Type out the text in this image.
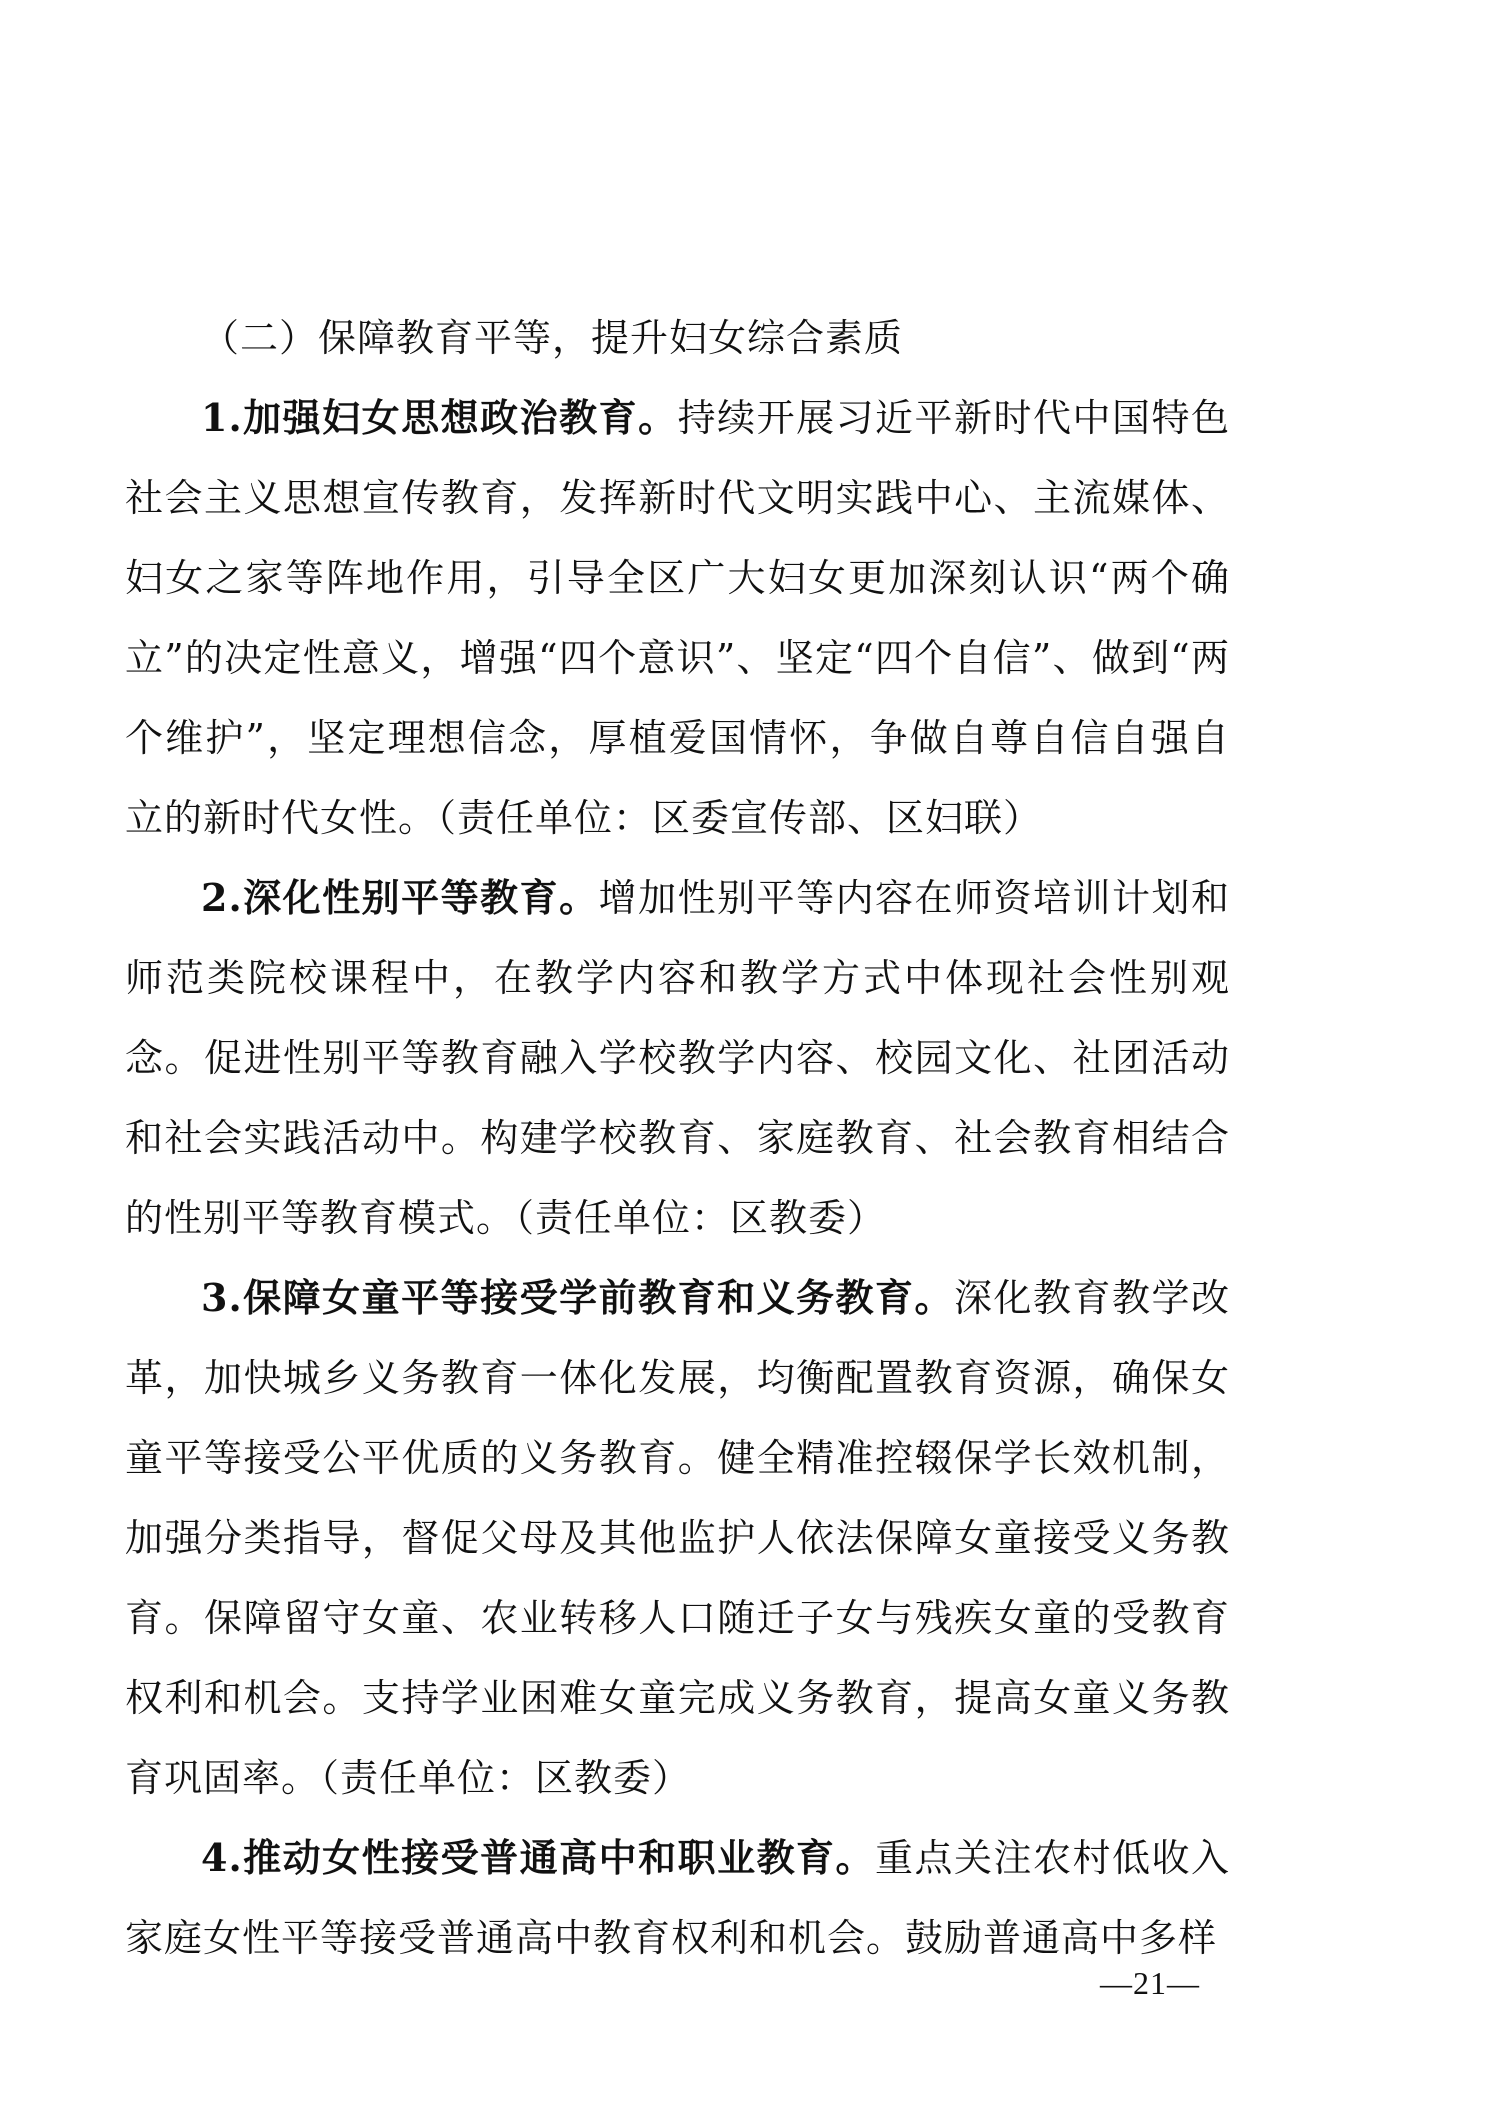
（二）保障教育平等，提升妇女综合素质

1.加强妇女思想政治教育。持续开展习近平新时代中国特色社会主义思想宣传教育，发挥新时代文明实践中心、主流媒体、妇女之家等阵地作用，引导全区广大妇女更加深刻认识“两个确立”的决定性意义，增强“四个意识”、坚定“四个自信”、做到“两个维护”，坚定理想信念，厚植爱国情怀，争做自尊自信自强自立的新时代女性。（责任单位：区委宣传部、区妇联）

2.深化性别平等教育。增加性别平等内容在师资培训计划和师范类院校课程中，在教学内容和教学方式中体现社会性别观念。促进性别平等教育融入学校教学内容、校园文化、社团活动和社会实践活动中。构建学校教育、家庭教育、社会教育相结合的性别平等教育模式。（责任单位：区教委）

3.保障女童平等接受学前教育和义务教育。深化教育教学改革，加快城乡义务教育一体化发展，均衡配置教育资源，确保女童平等接受公平优质的义务教育。健全精准控辍保学长效机制，加强分类指导，督促父母及其他监护人依法保障女童接受义务教育。保障留守女童、农业转移人口随迁子女与残疾女童的受教育权利和机会。支持学业困难女童完成义务教育，提高女童义务教育巩固率。（责任单位：区教委）

4.推动女性接受普通高中和职业教育。重点关注农村低收入家庭女性平等接受普通高中教育权利和机会。鼓励普通高中多样

—21—
